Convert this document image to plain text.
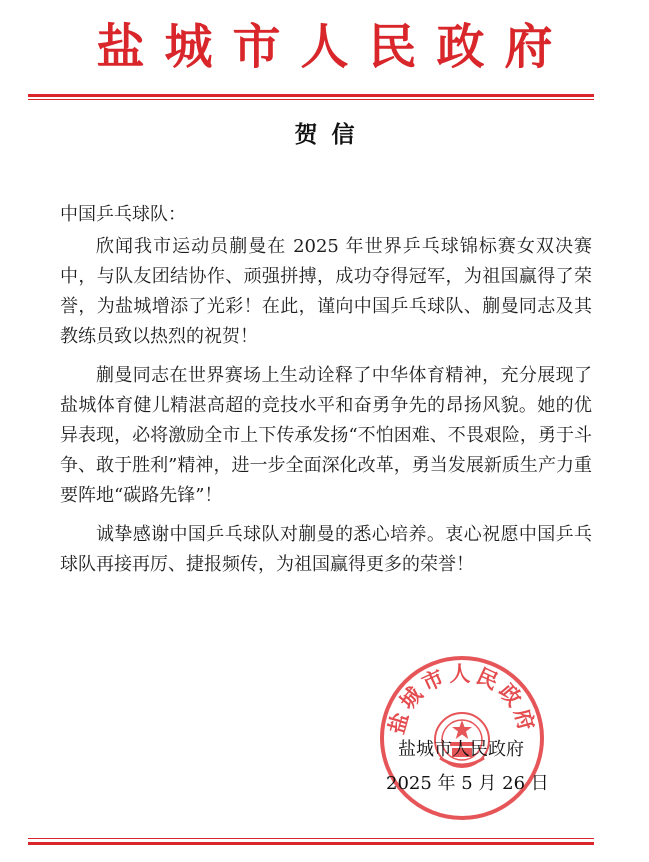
盐城市人民政府
贺信
中国乒乓球队：

欣闻我市运动员蒯曼在 2025 年世界乒乓球锦标赛女双决赛中，与队友团结协作、顽强拼搏，成功夺得冠军，为祖国赢得了荣誉，为盐城增添了光彩！在此，谨向中国乒乓球队、蒯曼同志及其教练员致以热烈的祝贺！

蒯曼同志在世界赛场上生动诠释了中华体育精神，充分展现了盐城体育健儿精湛高超的竞技水平和奋勇争先的昂扬风貌。她的优异表现，必将激励全市上下传承发扬“不怕困难、不畏艰险，勇于斗争、敢于胜利”精神，进一步全面深化改革，勇当发展新质生产力重要阵地“碳路先锋”！

诚挚感谢中国乒乓球队对蒯曼的悉心培养。衷心祝愿中国乒乓球队再接再厉、捷报频传，为祖国赢得更多的荣誉！

盐城市人民政府
盐城市人民政府
2025 年 5 月 26 日
